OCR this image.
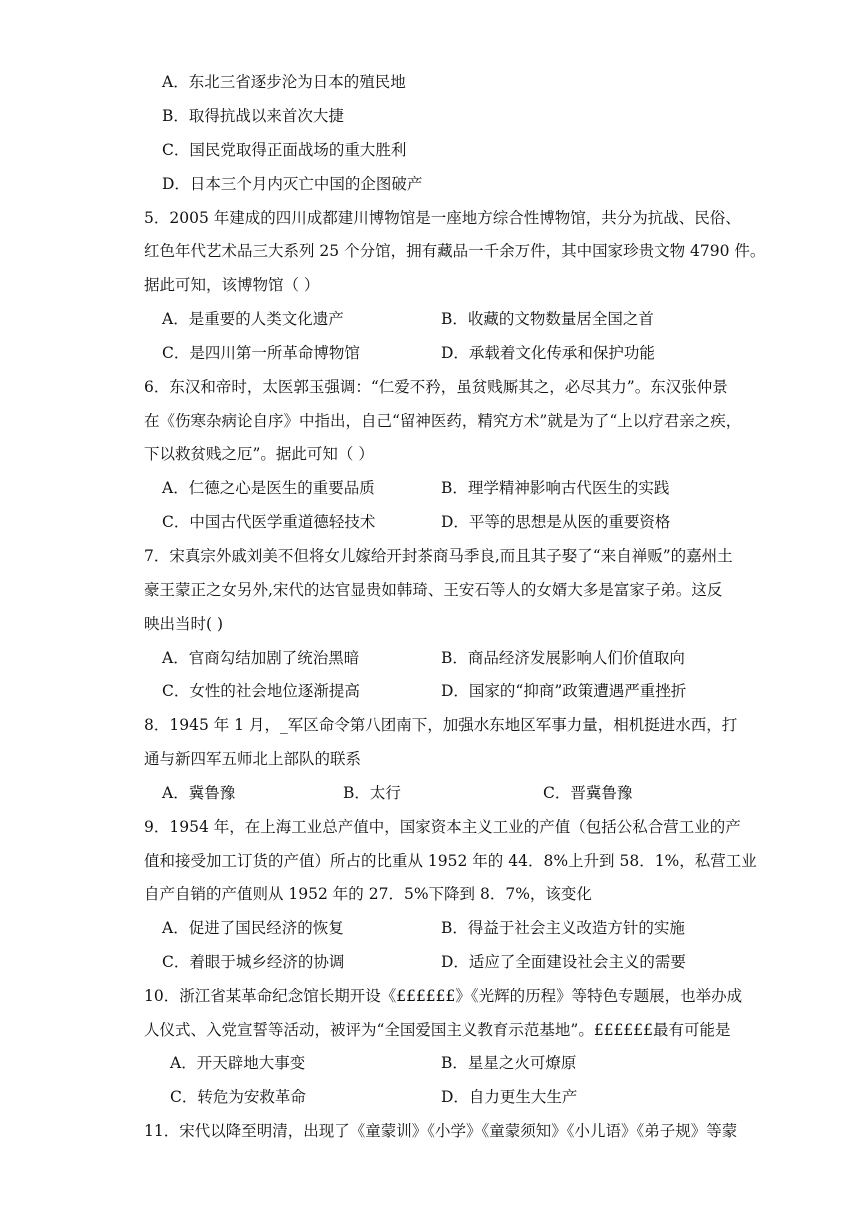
A．东北三省逐步沦为日本的殖民地
B．取得抗战以来首次大捷
C．国民党取得正面战场的重大胜利
D．日本三个月内灭亡中国的企图破产
5．2005 年建成的四川成都建川博物馆是一座地方综合性博物馆，共分为抗战、民俗、
红色年代艺术品三大系列 25 个分馆，拥有藏品一千余万件，其中国家珍贵文物 4790 件。
据此可知，该博物馆（ ）
A．是重要的人类文化遗产	B．收藏的文物数量居全国之首
C．是四川第一所革命博物馆	D．承载着文化传承和保护功能
6．东汉和帝时，太医郭玉强调：“仁爱不矜，虽贫贱厮其之，必尽其力”。东汉张仲景
在《伤寒杂病论自序》中指出，自己“留神医药，精究方术”就是为了“上以疗君亲之疾，
下以救贫贱之厄”。据此可知（ ）
A．仁德之心是医生的重要品质	B．理学精神影响古代医生的实践
C．中国古代医学重道德轻技术	D．平等的思想是从医的重要资格
7．宋真宗外戚刘美不但将女儿嫁给开封茶商马季良,而且其子娶了“来自禅贩”的嘉州土
豪王蒙正之女另外,宋代的达官显贵如韩琦、王安石等人的女婿大多是富家子弟。这反
映出当时( )
A．官商勾结加剧了统治黑暗	B．商品经济发展影响人们价值取向
C．女性的社会地位逐渐提高	D．国家的“抑商”政策遭遇严重挫折
8．1945 年 1 月，_军区命令第八团南下，加强水东地区军事力量，相机挺进水西，打
通与新四军五师北上部队的联系
A．冀鲁豫	B．太行	C．晋冀鲁豫
9．1954 年，在上海工业总产值中，国家资本主义工业的产值（包括公私合营工业的产
值和接受加工订货的产值）所占的比重从 1952 年的 44．8%上升到 58．1%，私营工业
自产自销的产值则从 1952 年的 27．5%下降到 8．7%，该变化
A．促进了国民经济的恢复	B．得益于社会主义改造方针的实施
C．着眼于城乡经济的协调	D．适应了全面建设社会主义的需要
10．浙江省某革命纪念馆长期开设《££££££》《光辉的历程》等特色专题展，也举办成
人仪式、入党宣誓等活动，被评为“全国爱国主义教育示范基地”。££££££最有可能是
A．开天辟地大事变	B．星星之火可燎原
C．转危为安救革命	D．自力更生大生产
11．宋代以降至明清，出现了《童蒙训》《小学》《童蒙须知》《小儿语》《弟子规》等蒙
